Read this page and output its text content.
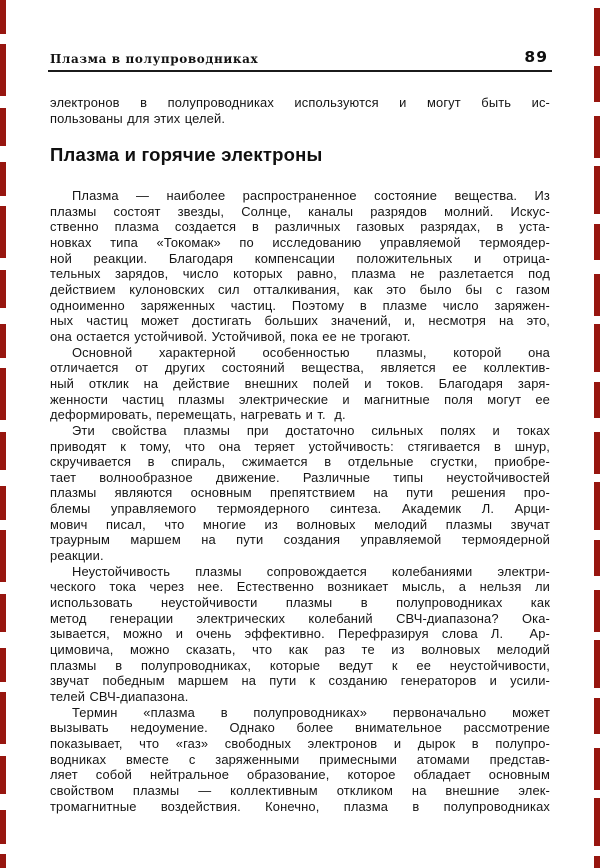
Плазма в полупроводниках	89
электронов в полупроводниках используются и могут быть ис-
пользованы для этих целей.
Плазма и горячие электроны
Плазма — наиболее распространенное состояние вещества. Из
плазмы состоят звезды, Солнце, каналы разрядов молний. Искус-
ственно плазма создается в различных газовых разрядах, в уста-
новках типа «Токомак» по исследованию управляемой термоядер-
ной реакции. Благодаря компенсации положительных и отрица-
тельных зарядов, число которых равно, плазма не разлетается под
действием кулоновских сил отталкивания, как это было бы с газом
одноименно заряженных частиц. Поэтому в плазме число заряжен-
ных частиц может достигать больших значений, и, несмотря на это,
она остается устойчивой. Устойчивой, пока ее не трогают.
Основной характерной особенностью плазмы, которой она
отличается от других состояний вещества, является ее коллектив-
ный отклик на действие внешних полей и токов. Благодаря заря-
женности частиц плазмы электрические и магнитные поля могут ее
деформировать, перемещать, нагревать и т.  д.
Эти свойства плазмы при достаточно сильных полях и токах
приводят к тому, что она теряет устойчивость: стягивается в шнур,
скручивается в спираль, сжимается в отдельные сгустки, приобре-
тает волнообразное движение. Различные типы неустойчивостей
плазмы являются основным препятствием на пути решения про-
блемы управляемого термоядерного синтеза. Академик Л. Арци-
мович писал, что многие из волновых мелодий плазмы звучат
траурным маршем на пути создания управляемой термоядерной
реакции.
Неустойчивость плазмы сопровождается колебаниями электри-
ческого тока через нее. Естественно возникает мысль, а нельзя ли
использовать неустойчивости плазмы в полупроводниках как
метод генерации электрических колебаний СВЧ-диапазона? Ока-
зывается, можно и очень эффективно. Перефразируя слова Л.  Ар-
цимовича, можно сказать, что как раз те из волновых мелодий
плазмы в полупроводниках, которые ведут к ее неустойчивости,
звучат победным маршем на пути к созданию генераторов и усили-
телей СВЧ-диапазона.
Термин «плазма в полупроводниках» первоначально может
вызывать недоумение. Однако более внимательное рассмотрение
показывает, что «газ» свободных электронов и дырок в полупро-
водниках вместе с заряженными примесными атомами представ-
ляет собой нейтральное образование, которое обладает основным
свойством плазмы — коллективным откликом на внешние элек-
тромагнитные воздействия. Конечно, плазма в полупроводниках
